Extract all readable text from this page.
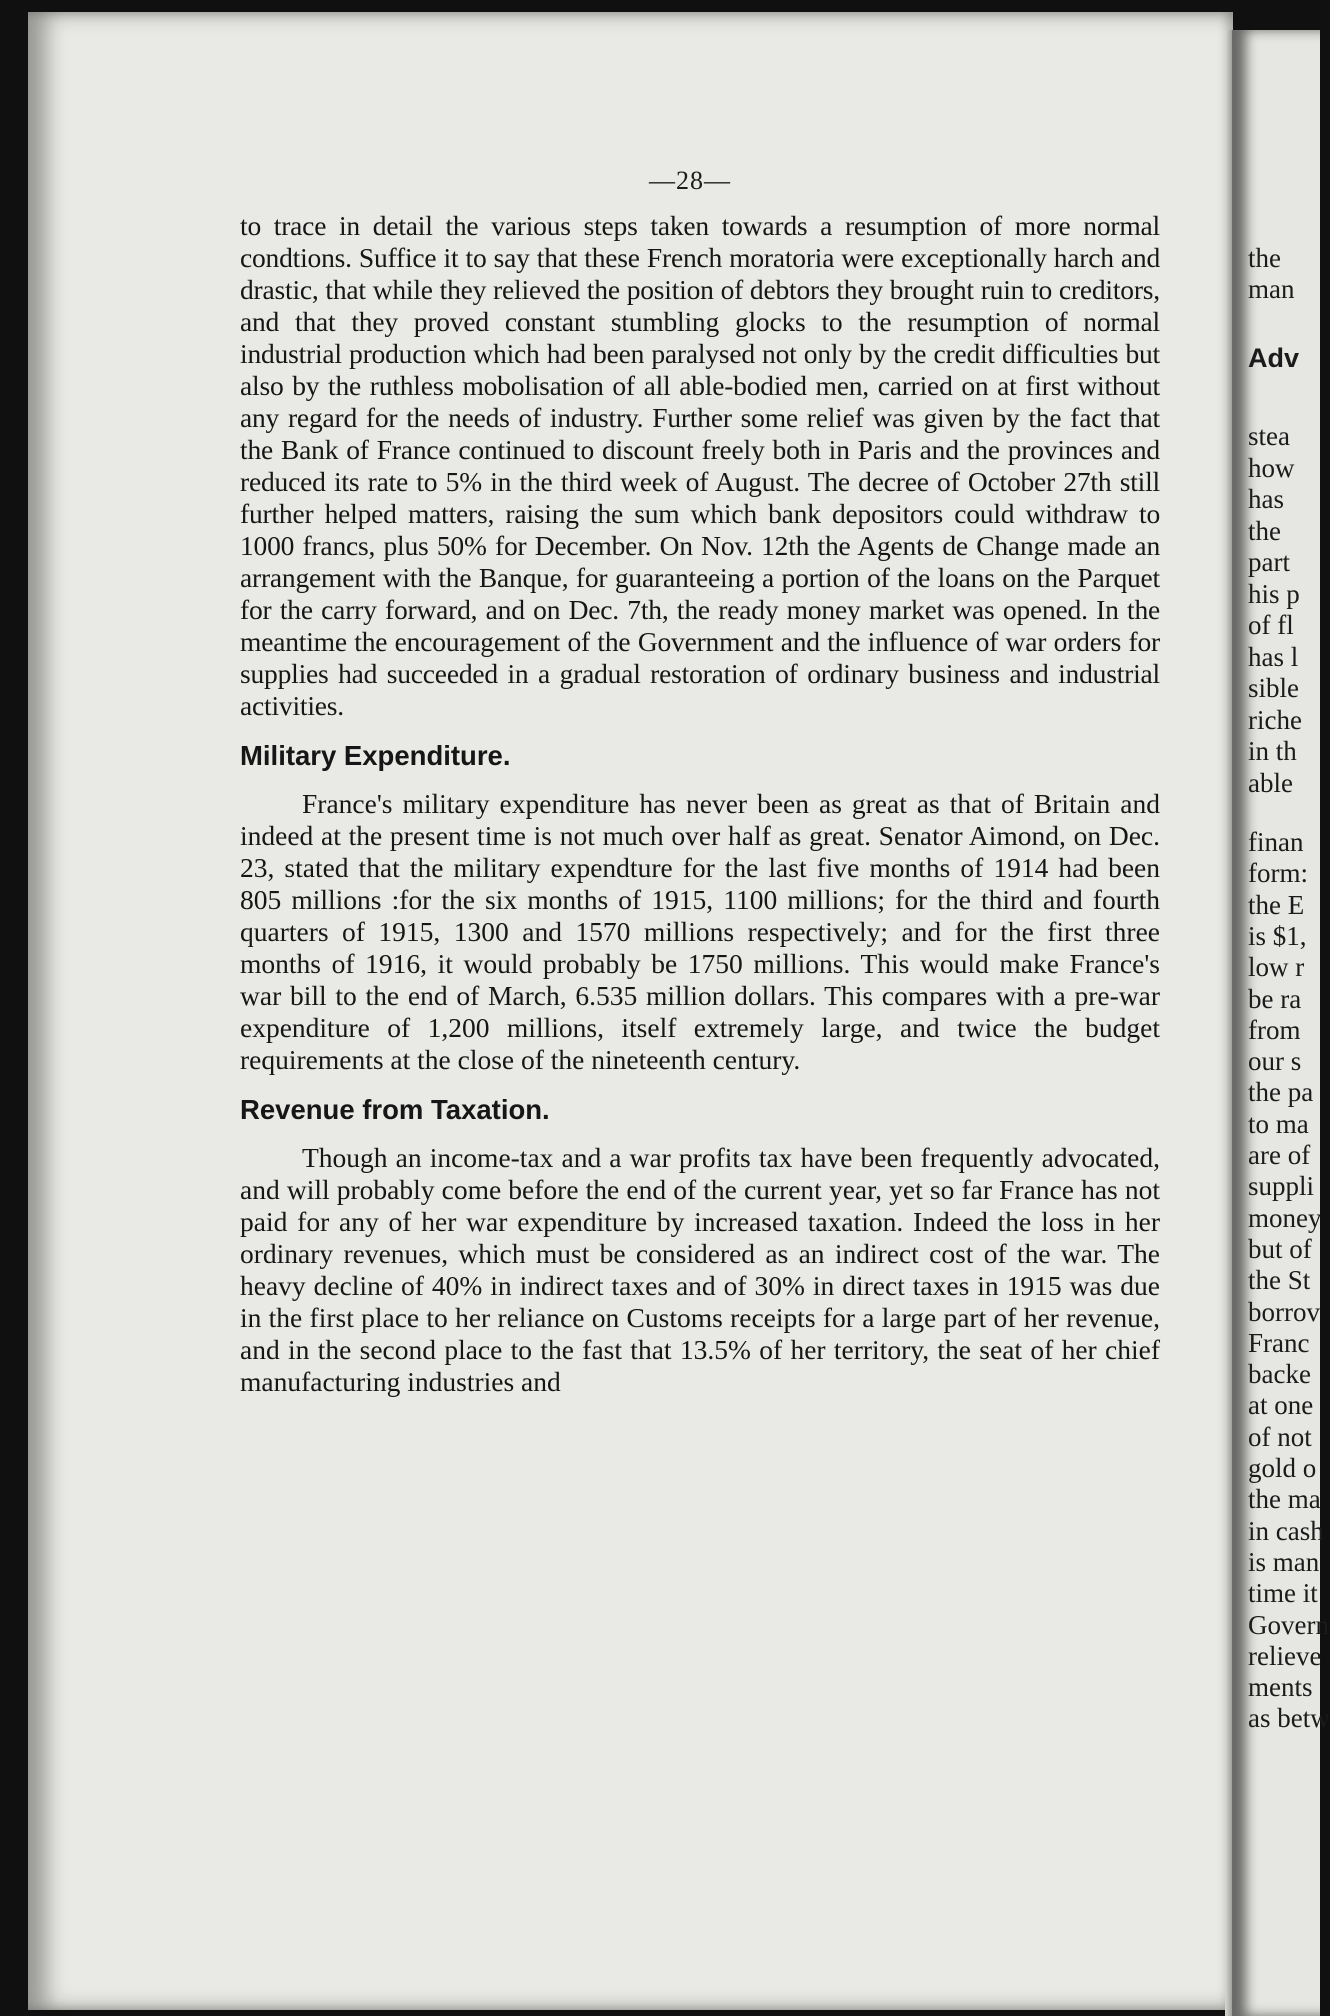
the
man
Adv
stea
how
has
the
part
his p
of fl
has l
sible
riche
in th
able
finan
form:
the E
is $1,
low r
be ra
from
our s
the pa
to ma
are of
suppli
money
but of
the St
borrov
Franc
backe
at one
of not
gold o
the ma
in cash
is man
time it
Govern
relieve
ments
as betw
—28—

to trace in detail the various steps taken towards a resumption of more normal condtions. Suffice it to say that these French moratoria were exceptionally harch and drastic, that while they relieved the position of debtors they brought ruin to creditors, and that they proved constant stumbling glocks to the resumption of normal industrial production which had been paralysed not only by the credit difficulties but also by the ruthless mobolisation of all able-bodied men, carried on at first without any regard for the needs of industry. Further some relief was given by the fact that the Bank of France continued to discount freely both in Paris and the provinces and reduced its rate to 5% in the third week of August. The decree of October 27th still further helped matters, raising the sum which bank depositors could withdraw to 1000 francs, plus 50% for December. On Nov. 12th the Agents de Change made an arrangement with the Banque, for guaranteeing a portion of the loans on the Parquet for the carry forward, and on Dec. 7th, the ready money market was opened. In the meantime the encouragement of the Government and the influence of war orders for supplies had succeeded in a gradual restoration of ordinary business and industrial activities.

Military Expenditure.

France's military expenditure has never been as great as that of Britain and indeed at the present time is not much over half as great. Senator Aimond, on Dec. 23, stated that the military expendture for the last five months of 1914 had been 805 millions :for the six months of 1915, 1100 millions; for the third and fourth quarters of 1915, 1300 and 1570 millions respectively; and for the first three months of 1916, it would probably be 1750 millions. This would make France's war bill to the end of March, 6.535 million dollars. This compares with a pre-war expenditure of 1,200 millions, itself extremely large, and twice the budget requirements at the close of the nineteenth century.

Revenue from Taxation.

Though an income-tax and a war profits tax have been frequently advocated, and will probably come before the end of the current year, yet so far France has not paid for any of her war expenditure by increased taxation. Indeed the loss in her ordinary revenues, which must be considered as an indirect cost of the war. The heavy decline of 40% in indirect taxes and of 30% in direct taxes in 1915 was due in the first place to her reliance on Customs receipts for a large part of her revenue, and in the second place to the fast that 13.5% of her territory, the seat of her chief manufacturing industries and
